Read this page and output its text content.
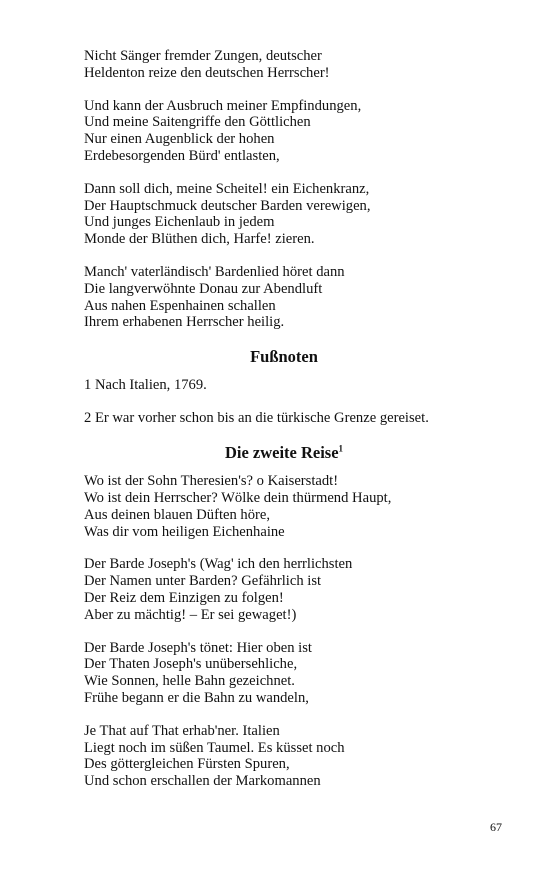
Nicht Sänger fremder Zungen, deutscher
Heldenton reize den deutschen Herrscher!
Und kann der Ausbruch meiner Empfindungen,
Und meine Saitengriffe den Göttlichen
Nur einen Augenblick der hohen
Erdebesorgenden Bürd' entlasten,
Dann soll dich, meine Scheitel! ein Eichenkranz,
Der Hauptschmuck deutscher Barden verewigen,
Und junges Eichenlaub in jedem
Monde der Blüthen dich, Harfe! zieren.
Manch' vaterländisch' Bardenlied höret dann
Die langverwöhnte Donau zur Abendluft
Aus nahen Espenhainen schallen
Ihrem erhabenen Herrscher heilig.
Fußnoten
1 Nach Italien, 1769.
2 Er war vorher schon bis an die türkische Grenze gereiset.
Die zweite Reise$^1$
Wo ist der Sohn Theresien's? o Kaiserstadt!
Wo ist dein Herrscher? Wölke dein thürmend Haupt,
Aus deinen blauen Düften höre,
Was dir vom heiligen Eichenhaine
Der Barde Joseph's (Wag' ich den herrlichsten
Der Namen unter Barden? Gefährlich ist
Der Reiz dem Einzigen zu folgen!
Aber zu mächtig! – Er sei gewaget!)
Der Barde Joseph's tönet: Hier oben ist
Der Thaten Joseph's unübersehliche,
Wie Sonnen, helle Bahn gezeichnet.
Frühe begann er die Bahn zu wandeln,
Je That auf That erhab'ner. Italien
Liegt noch im süßen Taumel. Es küsset noch
Des göttergleichen Fürsten Spuren,
Und schon erschallen der Markomannen
67
